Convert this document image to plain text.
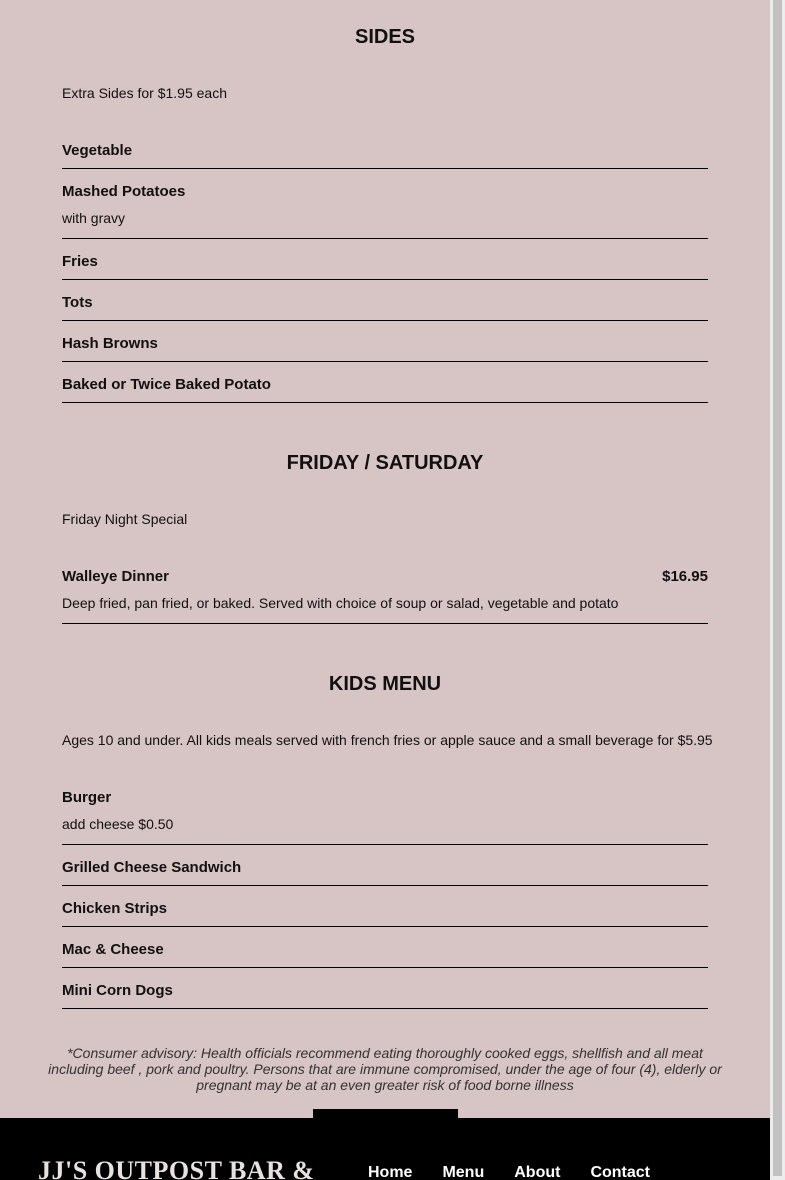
SIDES
Extra Sides for $1.95 each
Vegetable
Mashed Potatoes
with gravy
Fries
Tots
Hash Browns
Baked or Twice Baked Potato
FRIDAY / SATURDAY
Friday Night Special
Walleye Dinner	$16.95
Deep fried, pan fried, or baked. Served with choice of soup or salad, vegetable and potato
KIDS MENU
Ages 10 and under. All kids meals served with french fries or apple sauce and a small beverage for $5.95
Burger
add cheese $0.50
Grilled Cheese Sandwich
Chicken Strips
Mac & Cheese
Mini Corn Dogs
*Consumer advisory: Health officials recommend eating thoroughly cooked eggs, shellfish and all meat including beef , pork and poultry. Persons that are immune compromised, under the age of four (4), elderly or pregnant may be at an even greater risk of food borne illness
JJ'S OUTPOST BAR &	Home Menu About Contact
